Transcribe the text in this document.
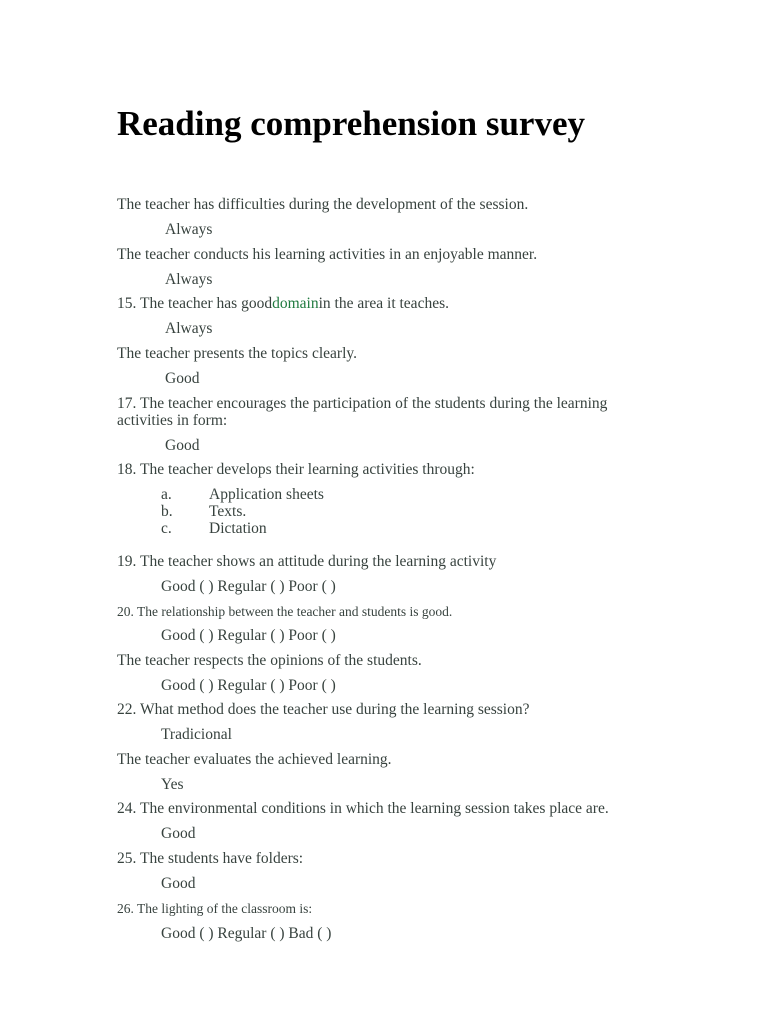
Reading comprehension survey
The teacher has difficulties during the development of the session.
Always
The teacher conducts his learning activities in an enjoyable manner.
Always
15. The teacher has gooddomainin the area it teaches.
Always
The teacher presents the topics clearly.
Good
17. The teacher encourages the participation of the students during the learning activities in form:
Good
18. The teacher develops their learning activities through:
a. Application sheets
b. Texts.
c. Dictation
19. The teacher shows an attitude during the learning activity
Good ( ) Regular ( ) Poor ( )
20. The relationship between the teacher and students is good.
Good ( ) Regular ( ) Poor ( )
The teacher respects the opinions of the students.
Good ( ) Regular ( ) Poor ( )
22. What method does the teacher use during the learning session?
Tradicional
The teacher evaluates the achieved learning.
Yes
24. The environmental conditions in which the learning session takes place are.
Good
25. The students have folders:
Good
26. The lighting of the classroom is:
Good ( ) Regular ( ) Bad ( )
